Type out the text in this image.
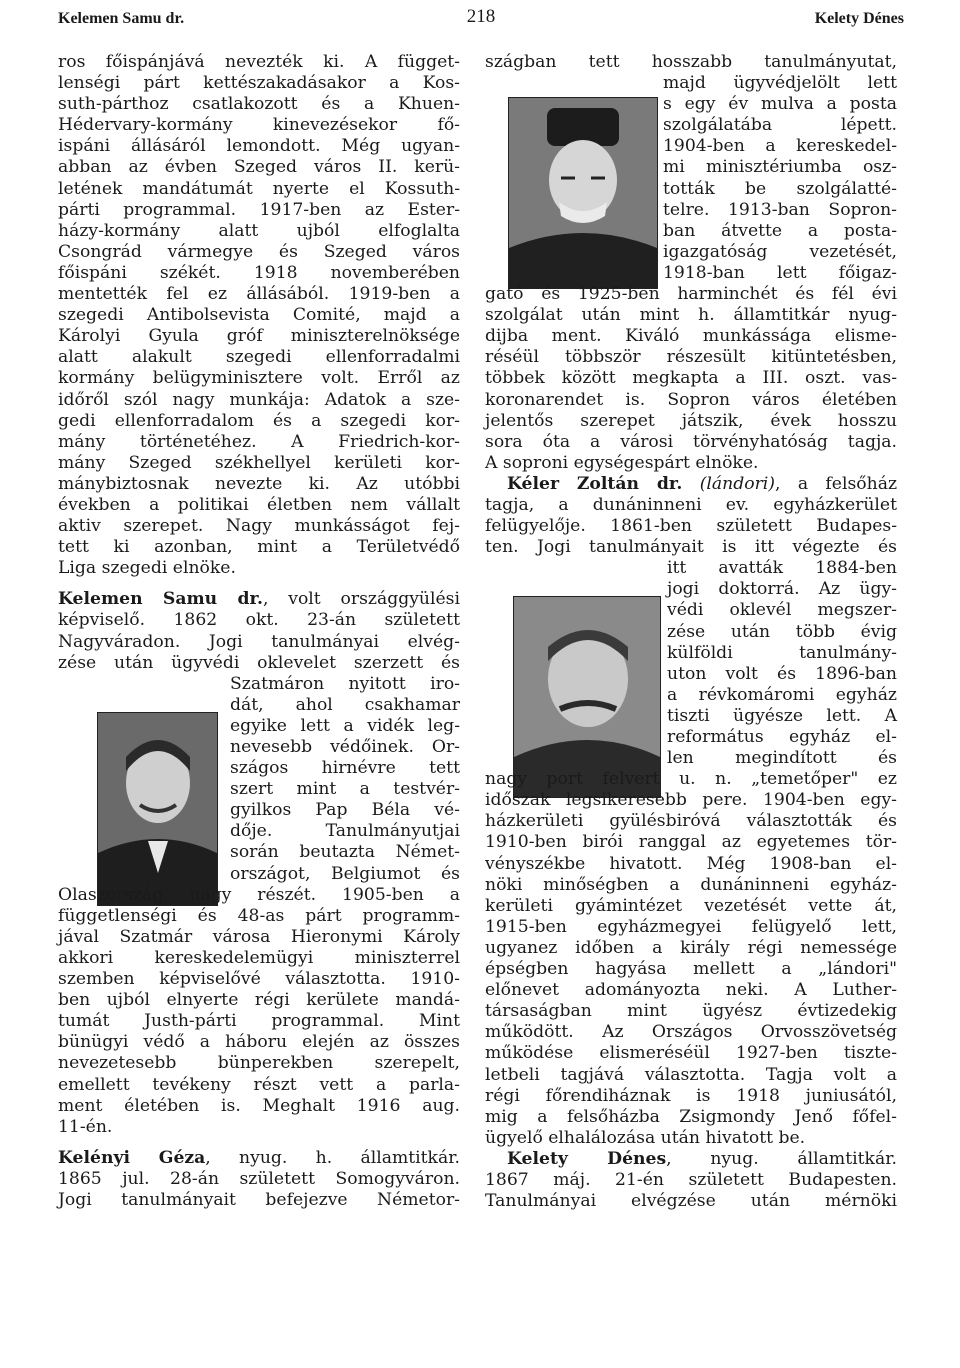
Kelemen Samu dr.	218	Kelety Dénes
ros főispánjává nevezték ki. A függet-
lenségi párt kettészakadásakor a Kos-
suth-párthoz csatlakozott és a Khuen-
Hédervary-kormány kinevezésekor fő-
ispáni állásáról lemondott. Még ugyan-
abban az évben Szeged város II. kerü-
letének mandátumát nyerte el Kossuth-
párti programmal. 1917-ben az Ester-
házy-kormány alatt ujból elfoglalta
Csongrád vármegye és Szeged város
főispáni székét. 1918 novemberében
mentették fel ez állásából. 1919-ben a
szegedi Antibolsevista Comité, majd a
Károlyi Gyula gróf miniszterelnöksége
alatt alakult szegedi ellenforradalmi
kormány belügyminisztere volt. Erről az
időről szól nagy munkája: Adatok a sze-
gedi ellenforradalom és a szegedi kor-
mány történetéhez. A Friedrich-kor-
mány Szeged székhellyel kerületi kor-
mánybiztosnak nevezte ki. Az utóbbi
években a politikai életben nem vállalt
aktiv szerepet. Nagy munkásságot fej-
tett ki azonban, mint a Területvédő
Liga szegedi elnöke.
Kelemen Samu dr., volt országgyülési
képviselő. 1862 okt. 23-án született
Nagyváradon. Jogi tanulmányai elvég-
zése után ügyvédi oklevelet szerzett és
Szatmáron nyitott iro-
dát, ahol csakhamar
egyike lett a vidék leg-
nevesebb védőinek. Or-
szágos hirnévre tett
szert mint a testvér-
gyilkos Pap Béla vé-
dője. Tanulmányutjai
során beutazta Német-
országot, Belgiumot és
Olaszország nagy részét. 1905-ben a
függetlenségi és 48-as párt programm-
jával Szatmár városa Hieronymi Károly
akkori kereskedelemügyi miniszterrel
szemben képviselővé választotta. 1910-
ben ujból elnyerte régi kerülete mandá-
tumát Justh-párti programmal. Mint
bünügyi védő a háboru elején az összes
nevezetesebb bünperekben szerepelt,
emellett tevékeny részt vett a parla-
ment életében is. Meghalt 1916 aug.
11-én.
Kelényi Géza, nyug. h. államtitkár.
1865 jul. 28-án született Somogyváron.
Jogi tanulmányait befejezve Németor-
szágban tett hosszabb tanulmányutat,
majd ügyvédjelölt lett
s egy év mulva a posta
szolgálatába lépett.
1904-ben a kereskedel-
mi minisztériumba osz-
tották be szolgálatté-
telre. 1913-ban Sopron-
ban átvette a posta-
igazgatóság vezetését,
1918-ban lett főigaz-
gató és 1925-ben harminchét és fél évi
szolgálat után mint h. államtitkár nyug-
dijba ment. Kiváló munkássága elisme-
réséül többször részesült kitüntetésben,
többek között megkapta a III. oszt. vas-
koronarendet is. Sopron város életében
jelentős szerepet játszik, évek hosszu
sora óta a városi törvényhatóság tagja.
A soproni egységespárt elnöke.
Kéler Zoltán dr. (lándori), a felsőház
tagja, a dunáninneni ev. egyházkerület
felügyelője. 1861-ben született Budapes-
ten. Jogi tanulmányait is itt végezte és
itt avatták 1884-ben
jogi doktorrá. Az ügy-
védi oklevél megszer-
zése után több évig
külföldi tanulmány-
uton volt és 1896-ban
a révkomáromi egyház
tiszti ügyésze lett. A
református egyház el-
len megindított és
nagy port felvert u. n. „temetőper" ez
időszak legsikeresebb pere. 1904-ben egy-
házkerületi gyülésbiróvá választották és
1910-ben birói ranggal az egyetemes tör-
vényszékbe hivatott. Még 1908-ban el-
nöki minőségben a dunáninneni egyház-
kerületi gyámintézet vezetését vette át,
1915-ben egyházmegyei felügyelő lett,
ugyanez időben a király régi nemessége
épségben hagyása mellett a „lándori"
előnevet adományozta neki. A Luther-
társaságban mint ügyész évtizedekig
működött. Az Országos Orvosszövetség
működése elismeréséül 1927-ben tiszte-
letbeli tagjává választotta. Tagja volt a
régi főrendiháznak is 1918 juniusától,
mig a felsőházba Zsigmondy Jenő főfel-
ügyelő elhalálozása után hivatott be.
Kelety Dénes, nyug. államtitkár.
1867 máj. 21-én született Budapesten.
Tanulmányai elvégzése után mérnöki
